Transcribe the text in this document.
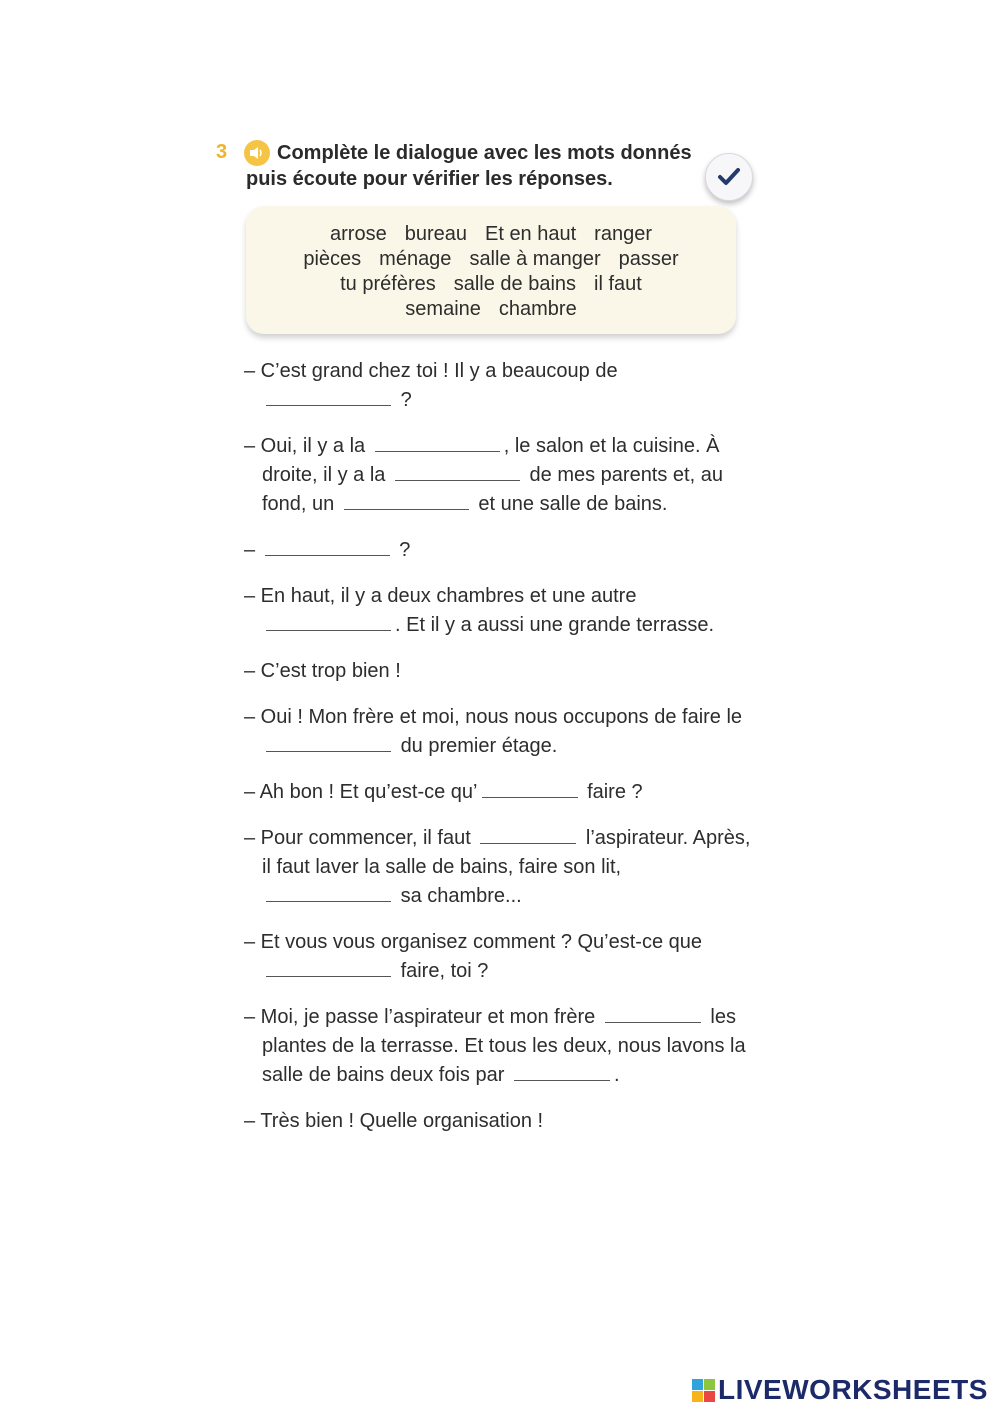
3	Complète le dialogue avec les mots donnés puis écoute pour vérifier les réponses.
arrose bureau Et en haut ranger
pièces ménage salle à manger passer
tu préfères salle de bains il faut
semaine chambre
– C’est grand chez toi ! Il y a beaucoup de  ?
– Oui, il y a la	, le salon et la cuisine. À droite, il y a la	de mes parents et, au fond, un	et une salle de bains.
–	?
– En haut, il y a deux chambres et une autre . Et il y a aussi une grande terrasse.
– C’est trop bien !
– Oui ! Mon frère et moi, nous nous occupons de faire le  du premier étage.
– Ah bon ! Et qu’est-ce qu’	faire ?
– Pour commencer, il faut	l’aspirateur. Après, il faut laver la salle de bains, faire son lit,  sa chambre...
– Et vous vous organisez comment ? Qu’est-ce que  faire, toi ?
– Moi, je passe l’aspirateur et mon frère	les plantes de la terrasse. Et tous les deux, nous lavons la salle de bains deux fois par	.
– Très bien ! Quelle organisation !
LIVEWORKSHEETS
